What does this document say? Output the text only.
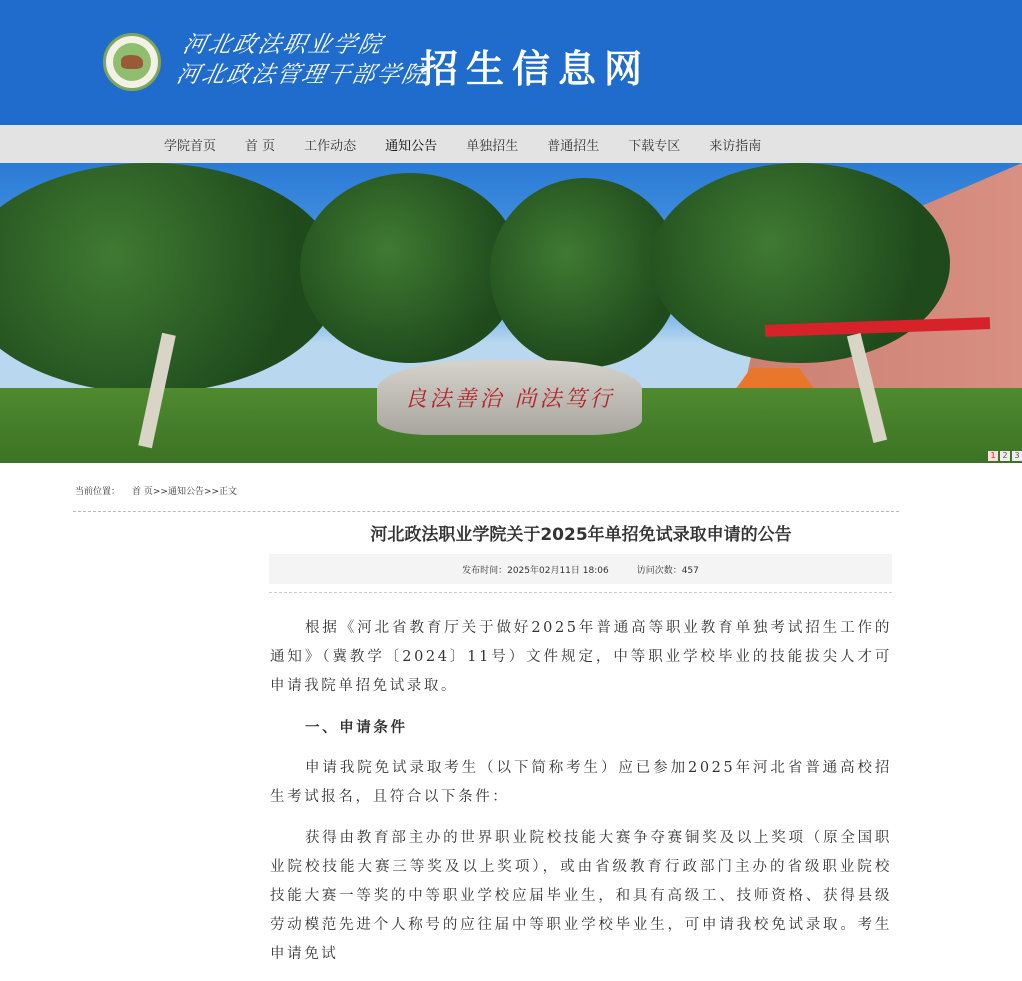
河北政法职业学院
河北政法管理干部学院
招生信息网
学院首页 首 页 工作动态 通知公告 单独招生 普通招生 下载专区 来访指南
良法善治 尚法笃行
1 2 3
当前位置： 首 页>>通知公告>>正文
河北政法职业学院关于2025年单招免试录取申请的公告
发布时间：2025年02月11日 18:06	访问次数：457

根据《河北省教育厅关于做好2025年普通高等职业教育单独考试招生工作的通知》（冀教学〔2024〕11号）文件规定，中等职业学校毕业的技能拔尖人才可申请我院单招免试录取。

一、申请条件

申请我院免试录取考生（以下简称考生）应已参加2025年河北省普通高校招生考试报名，且符合以下条件：

获得由教育部主办的世界职业院校技能大赛争夺赛铜奖及以上奖项（原全国职业院校技能大赛三等奖及以上奖项），或由省级教育行政部门主办的省级职业院校技能大赛一等奖的中等职业学校应届毕业生，和具有高级工、技师资格、获得县级劳动模范先进个人称号的应往届中等职业学校毕业生，可申请我校免试录取。考生申请免试
